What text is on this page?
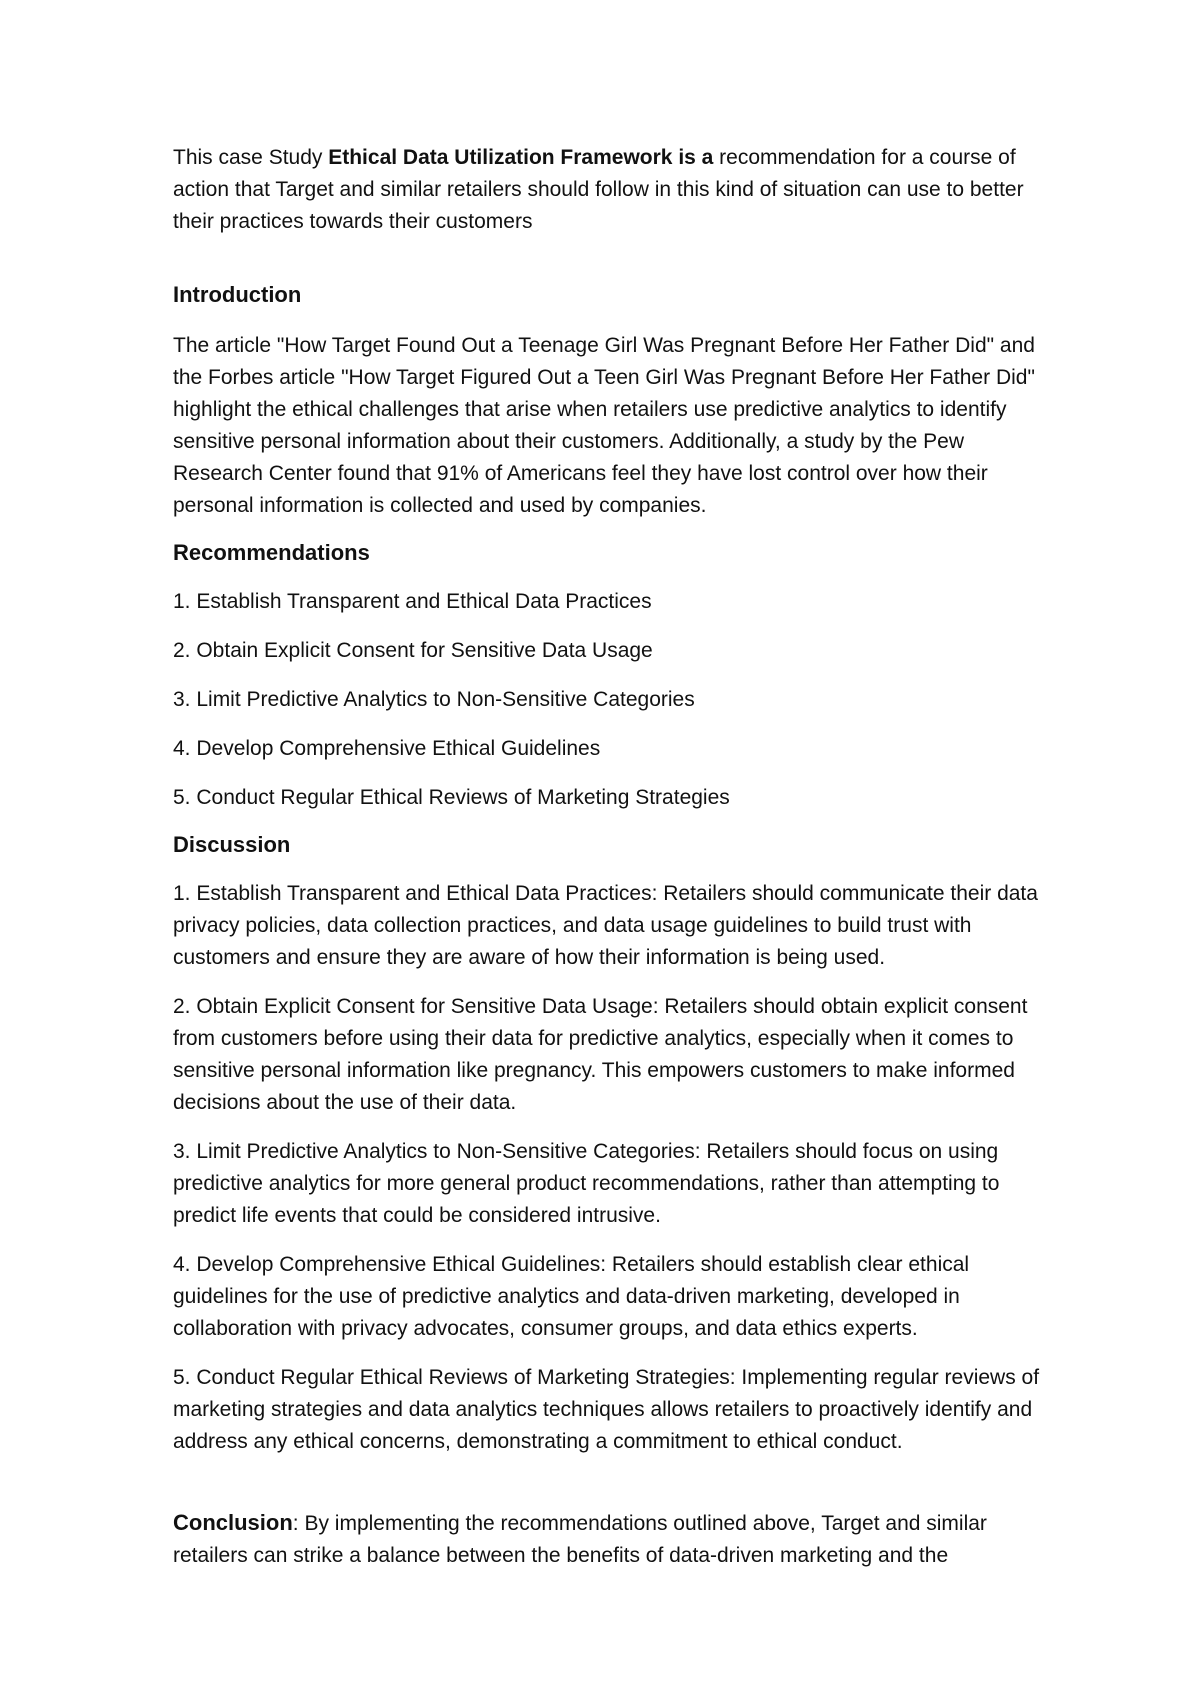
This case Study Ethical Data Utilization Framework is a recommendation for a course of action that Target and similar retailers should follow in this kind of situation can use to better their practices towards their customers

Introduction

The article "How Target Found Out a Teenage Girl Was Pregnant Before Her Father Did" and the Forbes article "How Target Figured Out a Teen Girl Was Pregnant Before Her Father Did" highlight the ethical challenges that arise when retailers use predictive analytics to identify sensitive personal information about their customers. Additionally, a study by the Pew Research Center found that 91% of Americans feel they have lost control over how their personal information is collected and used by companies.

Recommendations
1. Establish Transparent and Ethical Data Practices
2. Obtain Explicit Consent for Sensitive Data Usage
3. Limit Predictive Analytics to Non-Sensitive Categories
4. Develop Comprehensive Ethical Guidelines
5. Conduct Regular Ethical Reviews of Marketing Strategies
Discussion

1. Establish Transparent and Ethical Data Practices: Retailers should communicate their data privacy policies, data collection practices, and data usage guidelines to build trust with customers and ensure they are aware of how their information is being used.

2. Obtain Explicit Consent for Sensitive Data Usage: Retailers should obtain explicit consent from customers before using their data for predictive analytics, especially when it comes to sensitive personal information like pregnancy. This empowers customers to make informed decisions about the use of their data.

3. Limit Predictive Analytics to Non-Sensitive Categories: Retailers should focus on using predictive analytics for more general product recommendations, rather than attempting to predict life events that could be considered intrusive.

4. Develop Comprehensive Ethical Guidelines: Retailers should establish clear ethical guidelines for the use of predictive analytics and data-driven marketing, developed in collaboration with privacy advocates, consumer groups, and data ethics experts.

5. Conduct Regular Ethical Reviews of Marketing Strategies: Implementing regular reviews of marketing strategies and data analytics techniques allows retailers to proactively identify and address any ethical concerns, demonstrating a commitment to ethical conduct.

Conclusion: By implementing the recommendations outlined above, Target and similar retailers can strike a balance between the benefits of data-driven marketing and the
